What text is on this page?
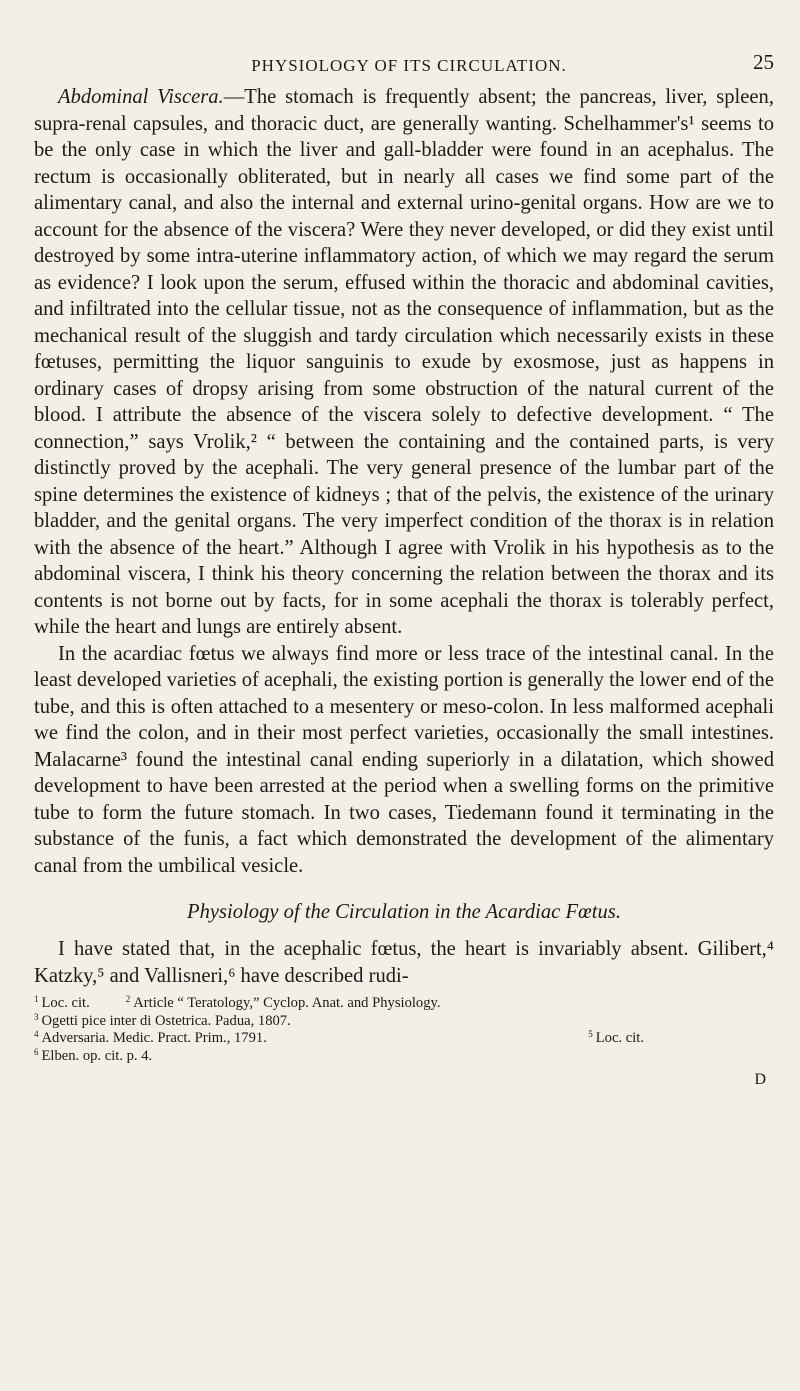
PHYSIOLOGY OF ITS CIRCULATION.	25

Abdominal Viscera.—The stomach is frequently absent; the pancreas, liver, spleen, supra-renal capsules, and thoracic duct, are generally wanting. Schelhammer's¹ seems to be the only case in which the liver and gall-bladder were found in an acephalus. The rectum is occasionally obliterated, but in nearly all cases we find some part of the alimentary canal, and also the internal and external urino-genital organs. How are we to account for the absence of the viscera? Were they never developed, or did they exist until destroyed by some intra-uterine inflammatory action, of which we may regard the serum as evidence? I look upon the serum, effused within the thoracic and abdominal cavities, and infiltrated into the cellular tissue, not as the consequence of inflammation, but as the mechanical result of the sluggish and tardy circulation which necessarily exists in these fœtuses, permitting the liquor sanguinis to exude by exosmose, just as happens in ordinary cases of dropsy arising from some obstruction of the natural current of the blood. I attribute the absence of the viscera solely to defective development. “ The connection,” says Vrolik,² “ between the containing and the contained parts, is very distinctly proved by the acephali. The very general presence of the lumbar part of the spine determines the existence of kidneys ; that of the pelvis, the existence of the urinary bladder, and the genital organs. The very imperfect condition of the thorax is in relation with the absence of the heart.” Although I agree with Vrolik in his hypothesis as to the abdominal viscera, I think his theory concerning the relation between the thorax and its contents is not borne out by facts, for in some acephali the thorax is tolerably perfect, while the heart and lungs are entirely absent.

In the acardiac fœtus we always find more or less trace of the intestinal canal. In the least developed varieties of acephali, the existing portion is generally the lower end of the tube, and this is often attached to a mesentery or meso-colon. In less malformed acephali we find the colon, and in their most perfect varieties, occasionally the small intestines. Malacarne³ found the intestinal canal ending superiorly in a dilatation, which showed development to have been arrested at the period when a swelling forms on the primitive tube to form the future stomach. In two cases, Tiedemann found it terminating in the substance of the funis, a fact which demonstrated the development of the alimentary canal from the umbilical vesicle.

Physiology of the Circulation in the Acardiac Fœtus.

I have stated that, in the acephalic fœtus, the heart is invariably absent. Gilibert,⁴ Katzky,⁵ and Vallisneri,⁶ have described rudi-

$^1$ Loc. cit.	$^2$ Article “ Teratology,” Cyclop. Anat. and Physiology.
$^3$ Ogetti pice inter di Ostetrica. Padua, 1807.
$^4$ Adversaria. Medic. Pract. Prim., 1791.	$^5$ Loc. cit.
$^6$ Elben. op. cit. p. 4.
D
